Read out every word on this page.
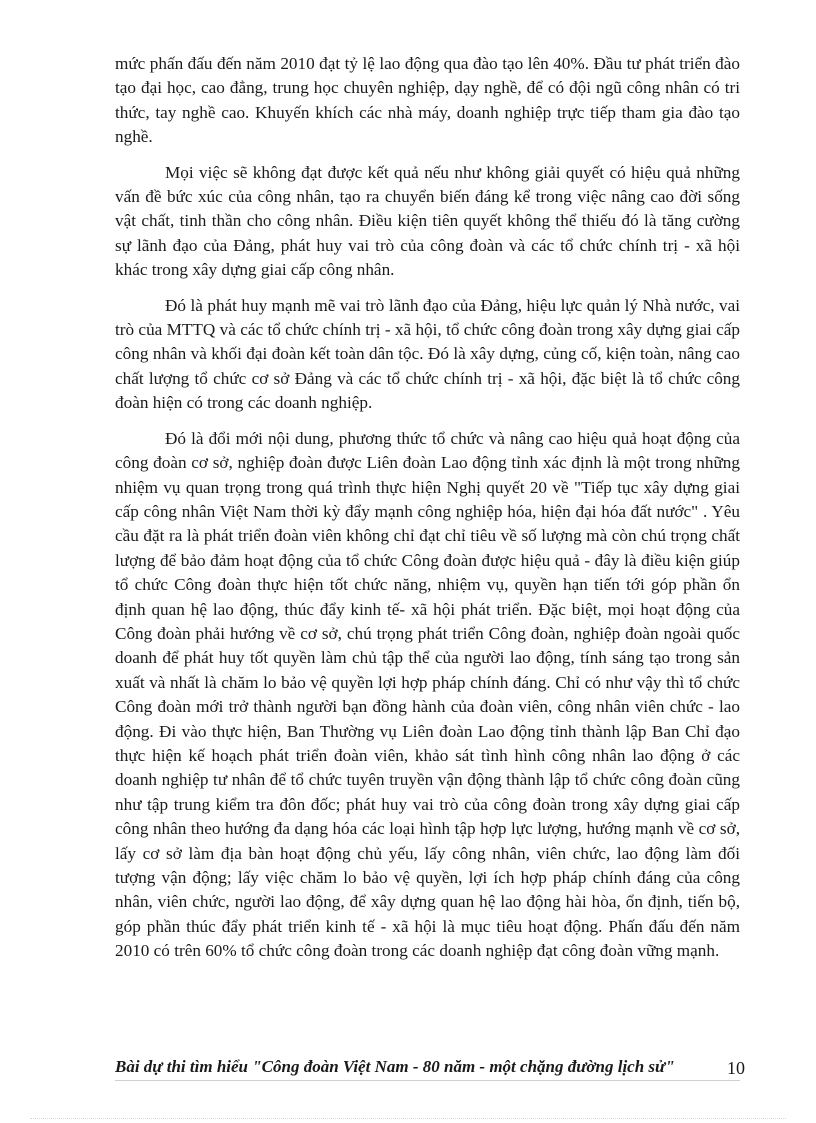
mức phấn đấu đến năm 2010 đạt tỷ lệ lao động qua đào tạo lên 40%. Đầu tư phát triển đào tạo đại học, cao đẳng, trung học chuyên nghiệp, dạy nghề, để có đội ngũ công nhân có tri thức, tay nghề cao. Khuyến khích các nhà máy, doanh nghiệp trực tiếp tham gia đào tạo nghề.

Mọi việc sẽ không đạt được kết quả nếu như không giải quyết có hiệu quả những vấn đề bức xúc của công nhân, tạo ra chuyển biến đáng kể trong việc nâng cao đời sống vật chất, tinh thần cho công nhân. Điều kiện tiên quyết không thể thiếu đó là tăng cường sự lãnh đạo của Đảng, phát huy vai trò của công đoàn và các tổ chức chính trị - xã hội khác trong xây dựng giai cấp công nhân.

Đó là phát huy mạnh mẽ vai trò lãnh đạo của Đảng, hiệu lực quản lý Nhà nước, vai trò của MTTQ và các tổ chức chính trị - xã hội, tổ chức công đoàn trong xây dựng giai cấp công nhân và khối đại đoàn kết toàn dân tộc. Đó là xây dựng, củng cố, kiện toàn, nâng cao chất lượng tổ chức cơ sở Đảng và các tổ chức chính trị - xã hội, đặc biệt là tổ chức công đoàn hiện có trong các doanh nghiệp.

Đó là đổi mới nội dung, phương thức tổ chức và nâng cao hiệu quả hoạt động của công đoàn cơ sở, nghiệp đoàn được Liên đoàn Lao động tỉnh xác định là một trong những nhiệm vụ quan trọng trong quá trình thực hiện Nghị quyết 20 về "Tiếp tục xây dựng giai cấp công nhân Việt Nam thời kỳ đẩy mạnh công nghiệp hóa, hiện đại hóa đất nước" . Yêu cầu đặt ra là phát triển đoàn viên không chỉ đạt chỉ tiêu về số lượng mà còn chú trọng chất lượng để bảo đảm hoạt động của tổ chức Công đoàn được hiệu quả - đây là điều kiện giúp tổ chức Công đoàn thực hiện tốt chức năng, nhiệm vụ, quyền hạn tiến tới góp phần ổn định quan hệ lao động, thúc đẩy kinh tế- xã hội phát triển. Đặc biệt, mọi hoạt động của Công đoàn phải hướng về cơ sở, chú trọng phát triển Công đoàn, nghiệp đoàn ngoài quốc doanh để phát huy tốt quyền làm chủ tập thể của người lao động, tính sáng tạo trong sản xuất và nhất là chăm lo bảo vệ quyền lợi hợp pháp chính đáng. Chỉ có như vậy thì tổ chức Công đoàn mới trở thành người bạn đồng hành của đoàn viên, công nhân viên chức - lao động. Đi vào thực hiện, Ban Thường vụ Liên đoàn Lao động tỉnh thành lập Ban Chỉ đạo thực hiện kế hoạch phát triển đoàn viên, khảo sát tình hình công nhân lao động ở các doanh nghiệp tư nhân để tổ chức tuyên truyền vận động thành lập tổ chức công đoàn cũng như tập trung kiểm tra đôn đốc; phát huy vai trò của công đoàn trong xây dựng giai cấp công nhân theo hướng đa dạng hóa các loại hình tập hợp lực lượng, hướng mạnh về cơ sở, lấy cơ sở làm địa bàn hoạt động chủ yếu, lấy công nhân, viên chức, lao động làm đối tượng vận động; lấy việc chăm lo bảo vệ quyền, lợi ích hợp pháp chính đáng của công nhân, viên chức, người lao động, để xây dựng quan hệ lao động hài hòa, ổn định, tiến bộ, góp phần thúc đẩy phát triển kinh tế - xã hội là mục tiêu hoạt động. Phấn đấu đến năm 2010 có trên 60% tổ chức công đoàn trong các doanh nghiệp đạt công đoàn vững mạnh.

Bài dự thi tìm hiểu "Công đoàn Việt Nam - 80 năm - một chặng đường lịch sử"	10
